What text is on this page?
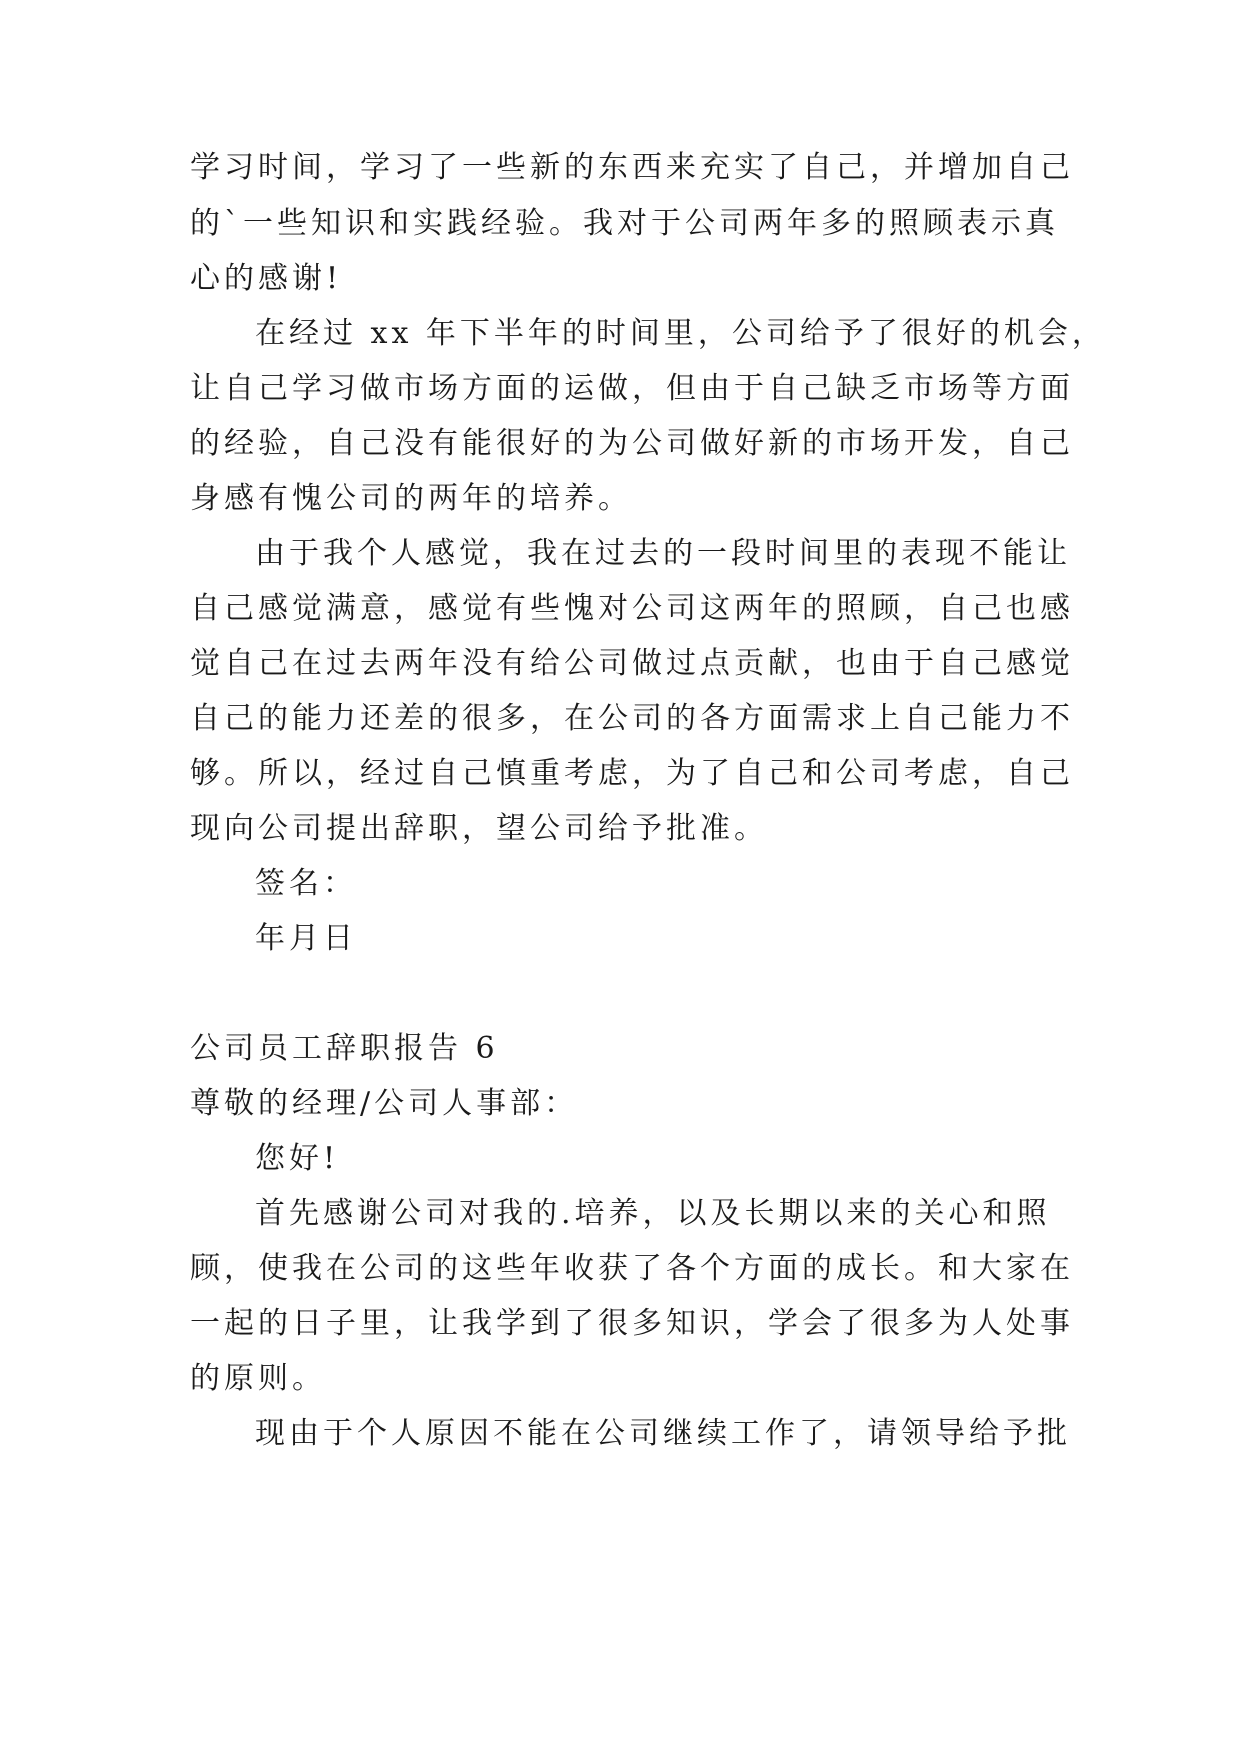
学习时间，学习了一些新的东西来充实了自己，并增加自己
的`一些知识和实践经验。我对于公司两年多的照顾表示真
心的感谢!
在经过 xx 年下半年的时间里，公司给予了很好的机会，
让自己学习做市场方面的运做，但由于自己缺乏市场等方面
的经验，自己没有能很好的为公司做好新的市场开发，自己
身感有愧公司的两年的培养。
由于我个人感觉，我在过去的一段时间里的表现不能让
自己感觉满意，感觉有些愧对公司这两年的照顾，自己也感
觉自己在过去两年没有给公司做过点贡献，也由于自己感觉
自己的能力还差的很多，在公司的各方面需求上自己能力不
够。所以，经过自己慎重考虑，为了自己和公司考虑，自己
现向公司提出辞职，望公司给予批准。
签名：
年月日
公司员工辞职报告 6
尊敬的经理/公司人事部：
您好!
首先感谢公司对我的.培养，以及长期以来的关心和照
顾，使我在公司的这些年收获了各个方面的成长。和大家在
一起的日子里，让我学到了很多知识，学会了很多为人处事
的原则。
现由于个人原因不能在公司继续工作了，请领导给予批
